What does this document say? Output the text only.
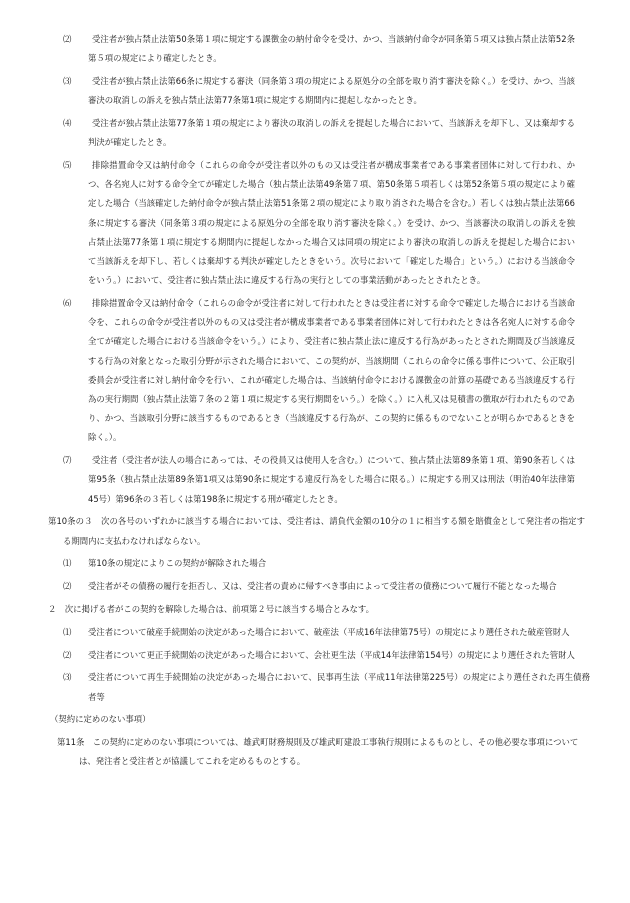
⑵	受注者が独占禁止法第50条第１項に規定する課徴金の納付命令を受け、かつ、当該納付命令が同条第５項又は独占禁止法第52条第５項の規定により確定したとき。
⑶	受注者が独占禁止法第66条に規定する審決（同条第３項の規定による原処分の全部を取り消す審決を除く。）を受け、かつ、当該審決の取消しの訴えを独占禁止法第77条第1項に規定する期間内に提起しなかったとき。
⑷	受注者が独占禁止法第77条第１項の規定により審決の取消しの訴えを提起した場合において、当該訴えを却下し、又は棄却する判決が確定したとき。
⑸	排除措置命令又は納付命令（これらの命令が受注者以外のもの又は受注者が構成事業者である事業者団体に対して行われ、かつ、各名宛人に対する命令全てが確定した場合（独占禁止法第49条第７項、第50条第５項若しくは第52条第５項の規定により確定した場合（当該確定した納付命令が独占禁止法第51条第２項の規定により取り消された場合を含む。）若しくは独占禁止法第66条に規定する審決（同条第３項の規定による原処分の全部を取り消す審決を除く。）を受け、かつ、当該審決の取消しの訴えを独占禁止法第77条第１項に規定する期間内に提起しなかった場合又は同項の規定により審決の取消しの訴えを提起した場合において当該訴えを却下し、若しくは棄却する判決が確定したときをいう。次号において「確定した場合」という。）における当該命令をいう。）において、受注者に独占禁止法に違反する行為の実行としての事業活動があったとされたとき。
⑹	排除措置命令又は納付命令（これらの命令が受注者に対して行われたときは受注者に対する命令で確定した場合における当該命令を、これらの命令が受注者以外のもの又は受注者が構成事業者である事業者団体に対して行われたときは各名宛人に対する命令全てが確定した場合における当該命令をいう。）により、受注者に独占禁止法に違反する行為があったとされた期間及び当該違反する行為の対象となった取引分野が示された場合において、この契約が、当該期間（これらの命令に係る事件について、公正取引委員会が受注者に対し納付命令を行い、これが確定した場合は、当該納付命令における課徴金の計算の基礎である当該違反する行為の実行期間（独占禁止法第７条の２第１項に規定する実行期間をいう。）を除く。）に入札又は見積書の徴取が行われたものであり、かつ、当該取引分野に該当するものであるとき（当該違反する行為が、この契約に係るものでないことが明らかであるときを除く。）。
⑺	受注者（受注者が法人の場合にあっては、その役員又は使用人を含む。）について、独占禁止法第89条第１項、第90条若しくは第95条（独占禁止法第89条第1項又は第90条に規定する違反行為をした場合に限る。）に規定する刑又は刑法（明治40年法律第45号）第96条の３若しくは第198条に規定する刑が確定したとき。
第10条の３　次の各号のいずれかに該当する場合においては、受注者は、請負代金額の10分の１に相当する額を賠償金として発注者の指定する期間内に支払わなければならない。
⑴	第10条の規定によりこの契約が解除された場合
⑵	受注者がその債務の履行を拒否し、又は、受注者の責めに帰すべき事由によって受注者の債務について履行不能となった場合
２　次に掲げる者がこの契約を解除した場合は、前項第２号に該当する場合とみなす。
⑴	受注者について破産手続開始の決定があった場合において、破産法（平成16年法律第75号）の規定により選任された破産管財人
⑵	受注者について更正手続開始の決定があった場合において、会社更生法（平成14年法律第154号）の規定により選任された管財人
⑶	受注者について再生手続開始の決定があった場合において、民事再生法（平成11年法律第225号）の規定により選任された再生債務者等
（契約に定めのない事項）
第11条　この契約に定めのない事項については、雄武町財務規則及び雄武町建設工事執行規則によるものとし、その他必要な事項については、発注者と受注者とが協議してこれを定めるものとする。
